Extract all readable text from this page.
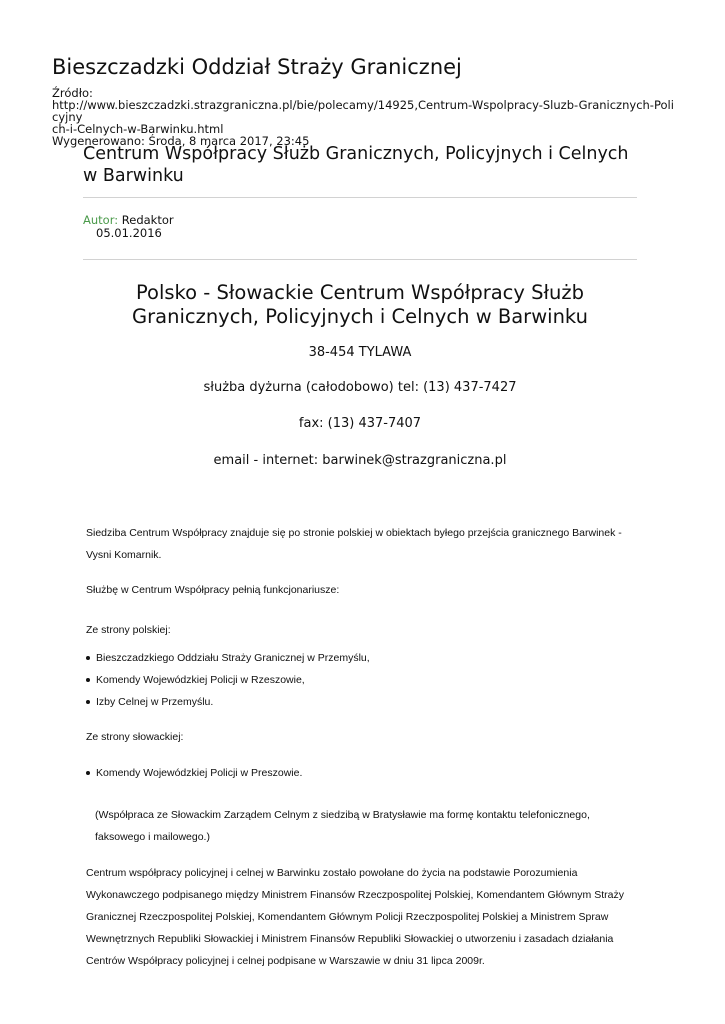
Bieszczadzki Oddział Straży Granicznej
Źródło:
http://www.bieszczadzki.strazgraniczna.pl/bie/polecamy/14925,Centrum-Wspolpracy-Sluzb-Granicznych-Policyjny
ch-i-Celnych-w-Barwinku.html
Wygenerowano: Środa, 8 marca 2017, 23:45
Centrum Współpracy Służb Granicznych, Policyjnych i Celnych w Barwinku
Autor: Redaktor
05.01.2016
Polsko - Słowackie Centrum Współpracy Służb Granicznych, Policyjnych i Celnych w Barwinku
38-454 TYLAWA
służba dyżurna (całodobowo) tel: (13) 437-7427
fax: (13) 437-7407
email - internet: barwinek@strazgraniczna.pl

Siedziba Centrum Współpracy znajduje się po stronie polskiej w obiektach byłego przejścia granicznego Barwinek - Vysni Komarnik.

Służbę w Centrum Współpracy pełnią funkcjonariusze:

Ze strony polskiej:

Bieszczadzkiego Oddziału Straży Granicznej w Przemyślu,
Komendy Wojewódzkiej Policji w Rzeszowie,
Izby Celnej w Przemyślu.

Ze strony słowackiej:

Komendy Wojewódzkiej Policji w Preszowie.

(Współpraca ze Słowackim Zarządem Celnym z siedzibą w Bratysławie ma formę kontaktu telefonicznego, faksowego i mailowego.)

Centrum współpracy policyjnej i celnej w Barwinku zostało powołane do życia na podstawie Porozumienia Wykonawczego podpisanego między Ministrem Finansów Rzeczpospolitej Polskiej, Komendantem Głównym Straży Granicznej Rzeczpospolitej Polskiej, Komendantem Głównym Policji Rzeczpospolitej Polskiej a Ministrem Spraw Wewnętrznych Republiki Słowackiej i Ministrem Finansów Republiki Słowackiej o utworzeniu i zasadach działania Centrów Współpracy policyjnej i celnej podpisane w Warszawie w dniu 31 lipca 2009r.
